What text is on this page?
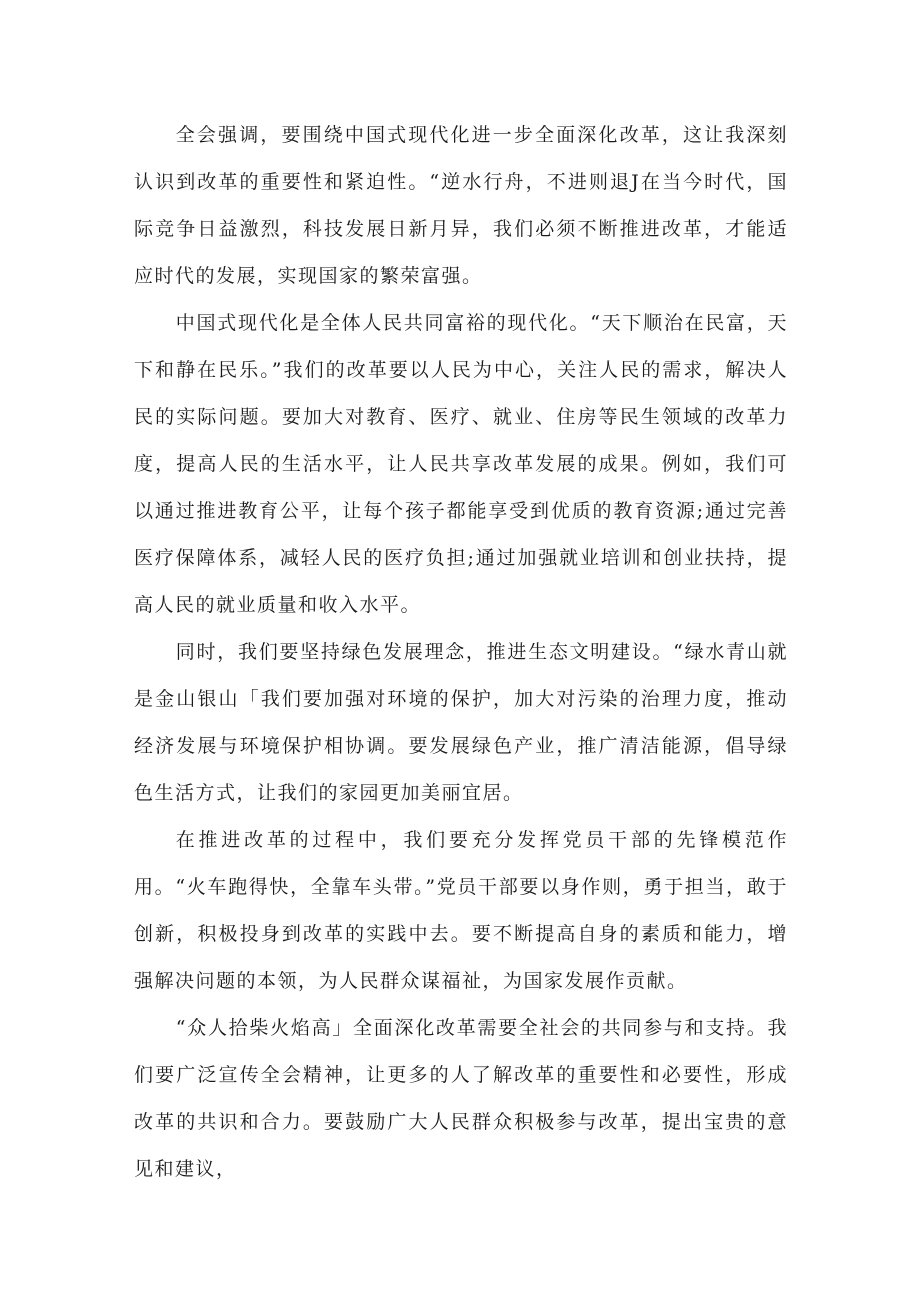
全会强调，要围绕中国式现代化进一步全面深化改革，这让我深刻认识到改革的重要性和紧迫性。“逆水行舟，不进则退J在当今时代，国际竞争日益激烈，科技发展日新月异，我们必须不断推进改革，才能适应时代的发展，实现国家的繁荣富强。

中国式现代化是全体人民共同富裕的现代化。“天下顺治在民富，天下和静在民乐。”我们的改革要以人民为中心，关注人民的需求，解决人民的实际问题。要加大对教育、医疗、就业、住房等民生领域的改革力度，提高人民的生活水平，让人民共享改革发展的成果。例如，我们可以通过推进教育公平，让每个孩子都能享受到优质的教育资源;通过完善医疗保障体系，减轻人民的医疗负担;通过加强就业培训和创业扶持，提高人民的就业质量和收入水平。

同时，我们要坚持绿色发展理念，推进生态文明建设。“绿水青山就是金山银山「我们要加强对环境的保护，加大对污染的治理力度，推动经济发展与环境保护相协调。要发展绿色产业，推广清洁能源，倡导绿色生活方式，让我们的家园更加美丽宜居。

在推进改革的过程中，我们要充分发挥党员干部的先锋模范作用。“火车跑得快，全靠车头带。”党员干部要以身作则，勇于担当，敢于创新，积极投身到改革的实践中去。要不断提高自身的素质和能力，增强解决问题的本领，为人民群众谋福祉，为国家发展作贡献。

“众人拾柴火焰高」全面深化改革需要全社会的共同参与和支持。我们要广泛宣传全会精神，让更多的人了解改革的重要性和必要性，形成改革的共识和合力。要鼓励广大人民群众积极参与改革，提出宝贵的意见和建议，
